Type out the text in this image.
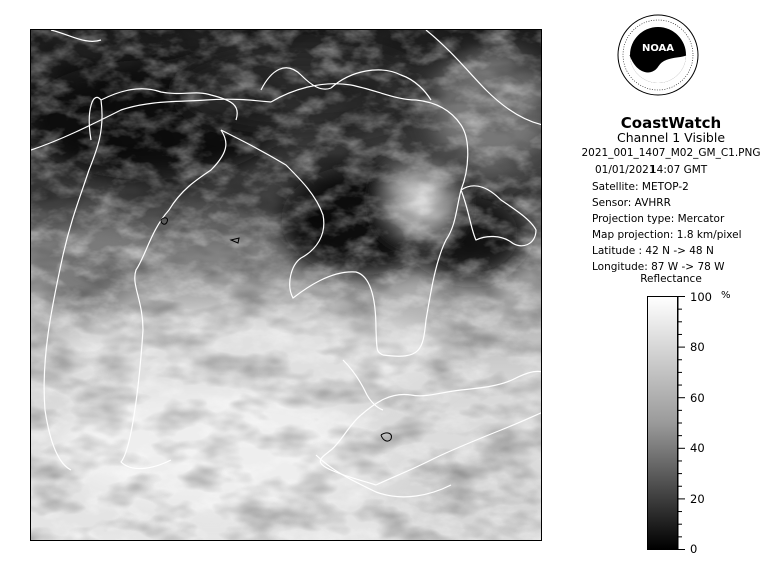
NOAA
CoastWatch
Channel 1 Visible
2021_001_1407_M02_GM_C1.PNG
01/01/2021
14:07 GMT
Satellite: METOP-2
Sensor: AVHRR
Projection type: Mercator
Map projection: 1.8 km/pixel
Latitude : 42 N -> 48 N
Longitude: 87 W -> 78 W
Reflectance
100
80
60
40
20
0
%
